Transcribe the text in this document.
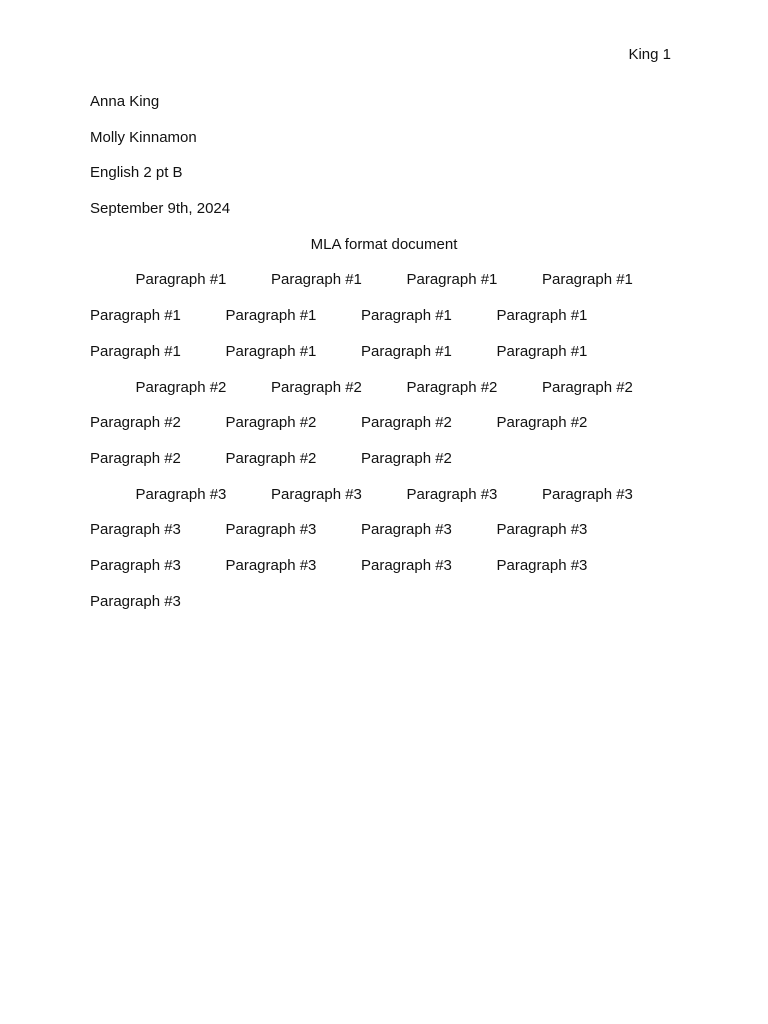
King 1
Anna King
Molly Kinnamon
English 2 pt B
September 9th, 2024
MLA format document
Paragraph #1	Paragraph #1	Paragraph #1	Paragraph #1
Paragraph #1	Paragraph #1	Paragraph #1	Paragraph #1
Paragraph #1	Paragraph #1	Paragraph #1	Paragraph #1
Paragraph #2	Paragraph #2	Paragraph #2	Paragraph #2
Paragraph #2	Paragraph #2	Paragraph #2	Paragraph #2
Paragraph #2	Paragraph #2	Paragraph #2
Paragraph #3	Paragraph #3	Paragraph #3	Paragraph #3
Paragraph #3	Paragraph #3	Paragraph #3	Paragraph #3
Paragraph #3	Paragraph #3	Paragraph #3	Paragraph #3
Paragraph #3
